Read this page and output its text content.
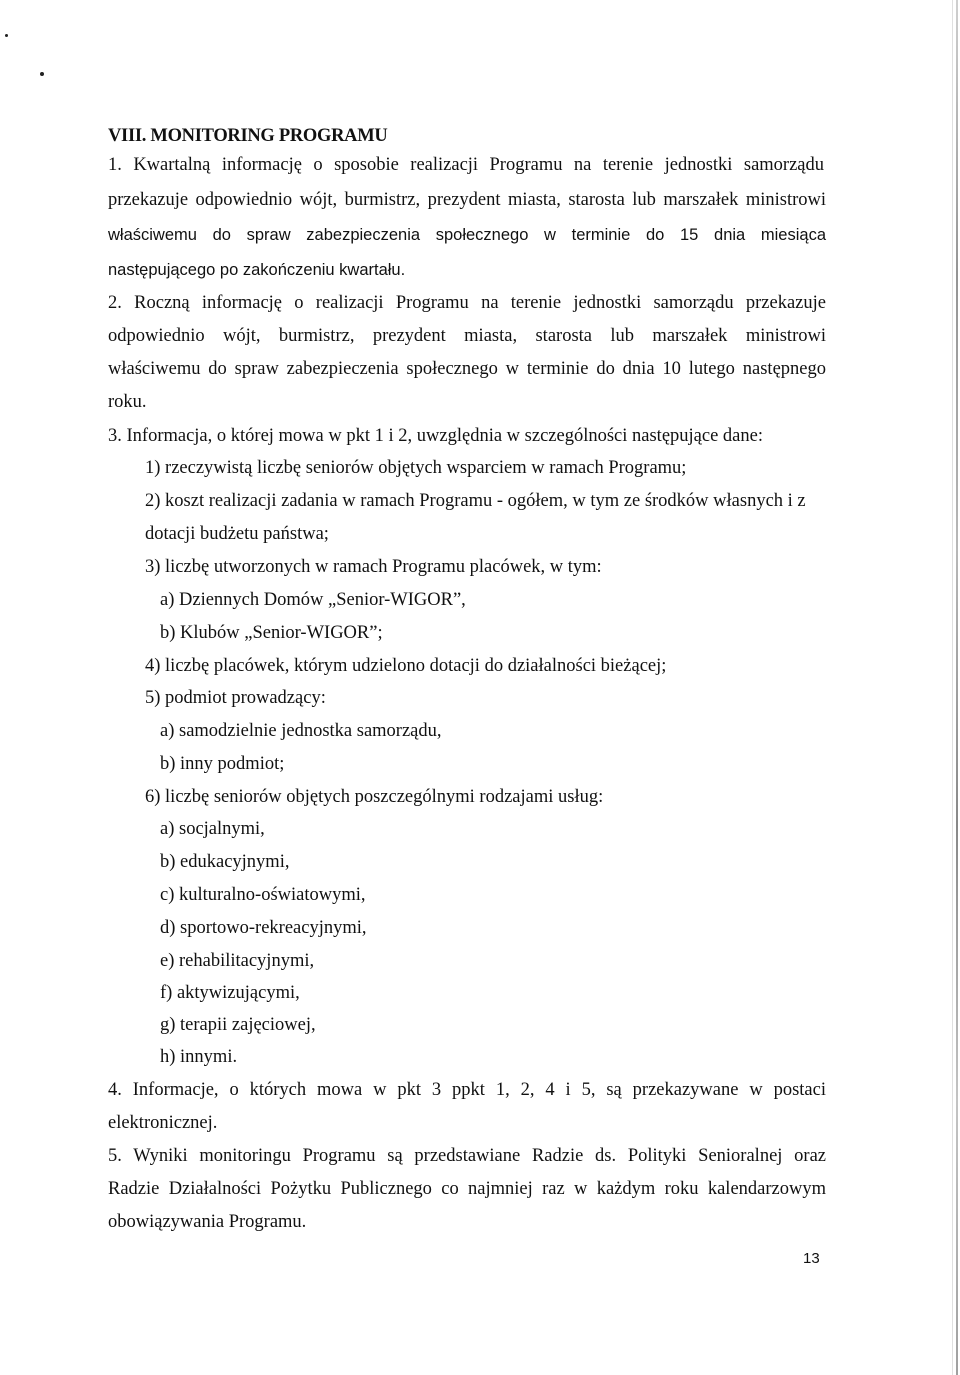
VIII. MONITORING PROGRAMU
1. Kwartalną informację o sposobie realizacji Programu na terenie jednostki samorządu
przekazuje odpowiednio wójt, burmistrz, prezydent miasta, starosta lub marszałek ministrowi
właściwemu do spraw zabezpieczenia społecznego w terminie do 15 dnia miesiąca
następującego po zakończeniu kwartału.
2. Roczną informację o realizacji Programu na terenie jednostki samorządu przekazuje
odpowiednio wójt, burmistrz, prezydent miasta, starosta lub marszałek ministrowi
właściwemu do spraw zabezpieczenia społecznego w terminie do dnia 10 lutego następnego
roku.
3. Informacja, o której mowa w pkt 1 i 2, uwzględnia w szczególności następujące dane:
1) rzeczywistą liczbę seniorów objętych wsparciem w ramach Programu;
2) koszt realizacji zadania w ramach Programu - ogółem, w tym ze środków własnych i z
dotacji budżetu państwa;
3) liczbę utworzonych w ramach Programu placówek, w tym:
a) Dziennych Domów „Senior-WIGOR”,
b) Klubów „Senior-WIGOR”;
4) liczbę placówek, którym udzielono dotacji do działalności bieżącej;
5) podmiot prowadzący:
a) samodzielnie jednostka samorządu,
b) inny podmiot;
6) liczbę seniorów objętych poszczególnymi rodzajami usług:
a) socjalnymi,
b) edukacyjnymi,
c) kulturalno-oświatowymi,
d) sportowo-rekreacyjnymi,
e) rehabilitacyjnymi,
f) aktywizującymi,
g) terapii zajęciowej,
h) innymi.
4. Informacje, o których mowa w pkt 3 ppkt 1, 2, 4 i 5, są przekazywane w postaci
elektronicznej.
5. Wyniki monitoringu Programu są przedstawiane Radzie ds. Polityki Senioralnej oraz
Radzie Działalności Pożytku Publicznego co najmniej raz w każdym roku kalendarzowym
obowiązywania Programu.
13
